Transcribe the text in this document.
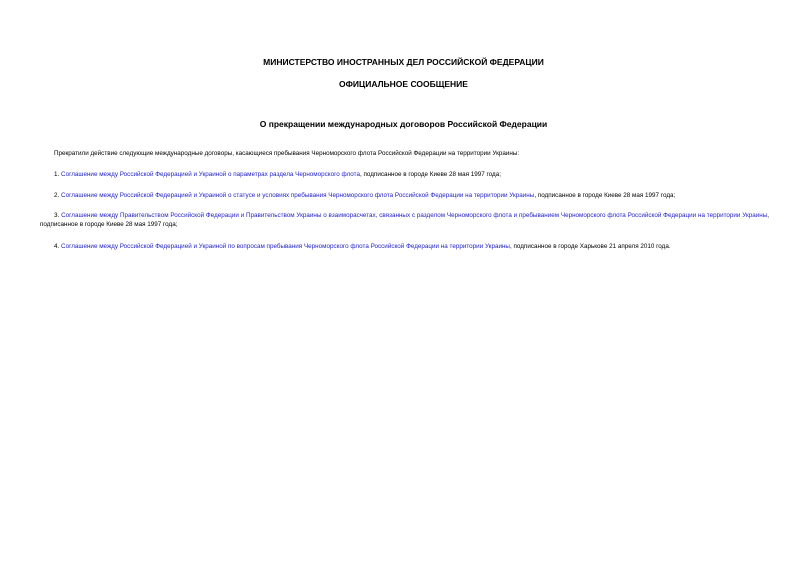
МИНИСТЕРСТВО ИНОСТРАННЫХ ДЕЛ РОССИЙСКОЙ ФЕДЕРАЦИИ
ОФИЦИАЛЬНОЕ СООБЩЕНИЕ
О прекращении международных договоров Российской Федерации
Прекратили действие следующие международные договоры, касающиеся пребывания Черноморского флота Российской Федерации на территории Украины:
1. Соглашение между Российской Федерацией и Украиной о параметрах раздела Черноморского флота, подписанное в городе Киеве 28 мая 1997 года;
2. Соглашение между Российской Федерацией и Украиной о статусе и условиях пребывания Черноморского флота Российской Федерации на территории Украины, подписанное в городе Киеве 28 мая 1997 года;
3. Соглашение между Правительством Российской Федерации и Правительством Украины о взаиморасчетах, связанных с разделом Черноморского флота и пребыванием Черноморского флота Российской Федерации на территории Украины, подписанное в городе Киеве 28 мая 1997 года;
4. Соглашение между Российской Федерацией и Украиной по вопросам пребывания Черноморского флота Российской Федерации на территории Украины, подписанное в городе Харькове 21 апреля 2010 года.
